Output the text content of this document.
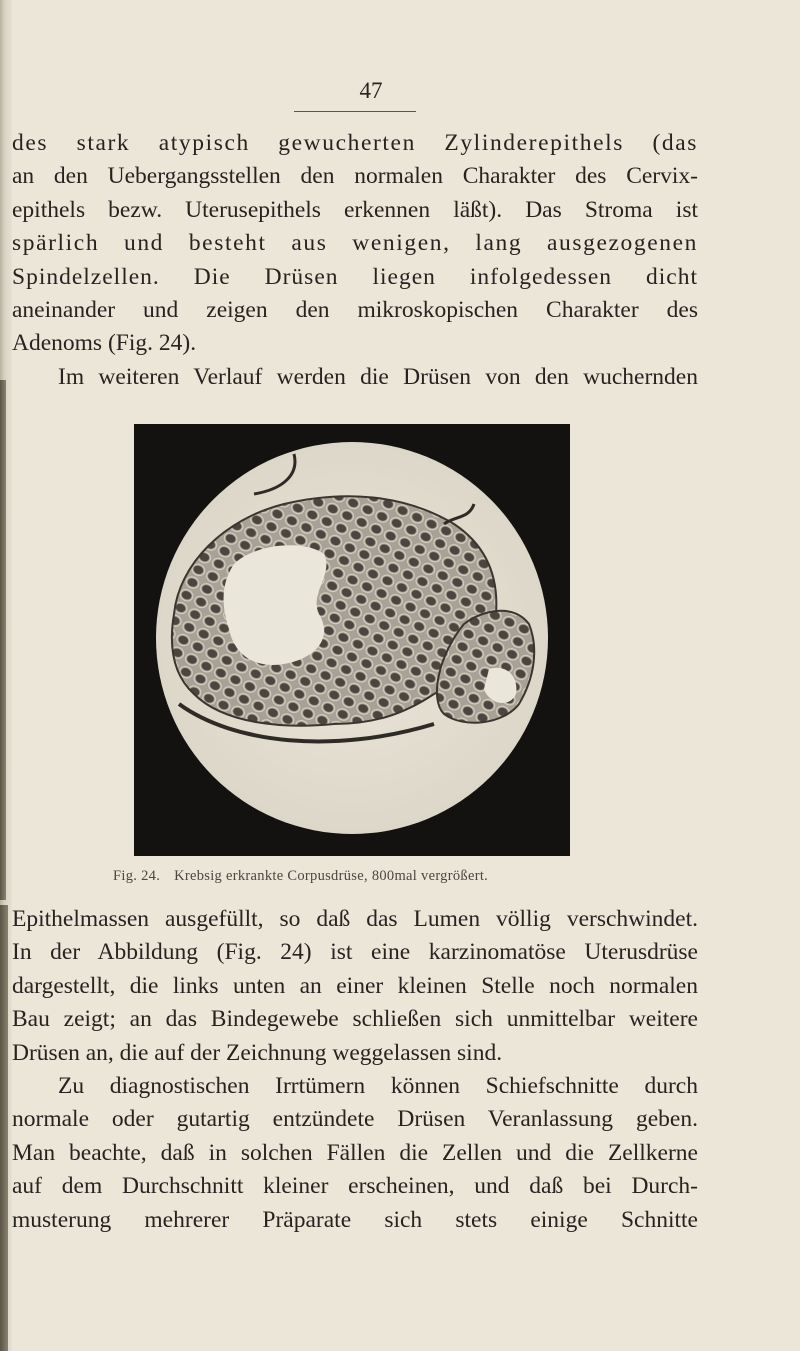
47
des stark atypisch gewucherten Zylinderepithels (das
an den Uebergangsstellen den normalen Charakter des Cervix-
epithels bezw. Uterusepithels erkennen läßt). Das Stroma ist
spärlich und besteht aus wenigen, lang ausgezogenen
Spindelzellen. Die Drüsen liegen infolgedessen dicht
aneinander und zeigen den mikroskopischen Charakter des
Adenoms (Fig. 24).
Im weiteren Verlauf werden die Drüsen von den wuchernden
Fig. 24. Krebsig erkrankte Corpusdrüse, 800mal vergrößert.
Epithelmassen ausgefüllt, so daß das Lumen völlig verschwindet.
In der Abbildung (Fig. 24) ist eine karzinomatöse Uterusdrüse
dargestellt, die links unten an einer kleinen Stelle noch normalen
Bau zeigt; an das Bindegewebe schließen sich unmittelbar weitere
Drüsen an, die auf der Zeichnung weggelassen sind.
Zu diagnostischen Irrtümern können Schiefschnitte durch
normale oder gutartig entzündete Drüsen Veranlassung geben.
Man beachte, daß in solchen Fällen die Zellen und die Zellkerne
auf dem Durchschnitt kleiner erscheinen, und daß bei Durch-
musterung mehrerer Präparate sich stets einige Schnitte
